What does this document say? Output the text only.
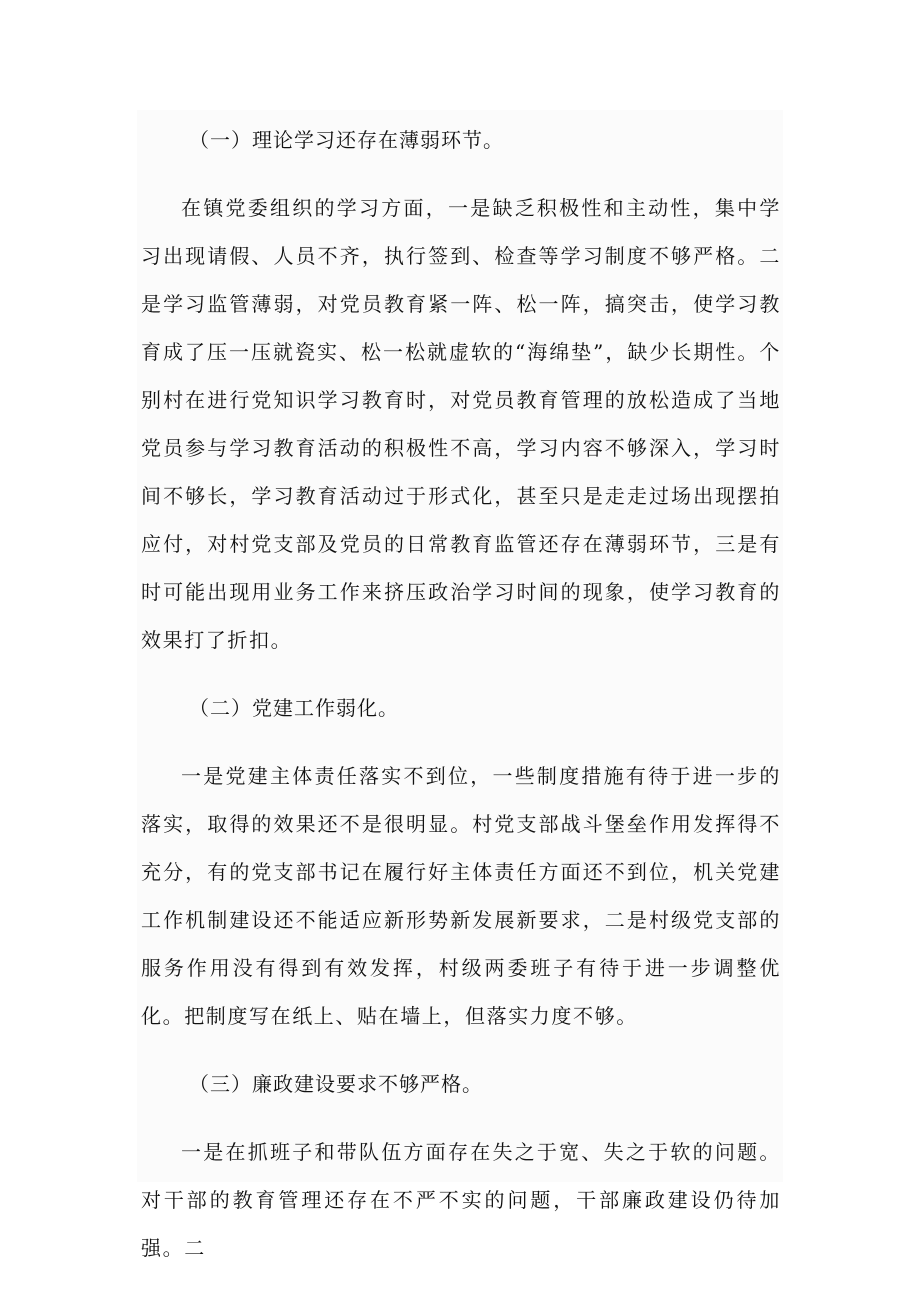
（一）理论学习还存在薄弱环节。

在镇党委组织的学习方面，一是缺乏积极性和主动性，集中学习出现请假、人员不齐，执行签到、检查等学习制度不够严格。二是学习监管薄弱，对党员教育紧一阵、松一阵，搞突击，使学习教育成了压一压就瓷实、松一松就虚软的“海绵垫”，缺少长期性。个别村在进行党知识学习教育时，对党员教育管理的放松造成了当地党员参与学习教育活动的积极性不高，学习内容不够深入，学习时间不够长，学习教育活动过于形式化，甚至只是走走过场出现摆拍应付，对村党支部及党员的日常教育监管还存在薄弱环节，三是有时可能出现用业务工作来挤压政治学习时间的现象，使学习教育的效果打了折扣。

（二）党建工作弱化。

一是党建主体责任落实不到位，一些制度措施有待于进一步的落实，取得的效果还不是很明显。村党支部战斗堡垒作用发挥得不充分，有的党支部书记在履行好主体责任方面还不到位，机关党建工作机制建设还不能适应新形势新发展新要求，二是村级党支部的服务作用没有得到有效发挥，村级两委班子有待于进一步调整优化。把制度写在纸上、贴在墙上，但落实力度不够。

（三）廉政建设要求不够严格。

一是在抓班子和带队伍方面存在失之于宽、失之于软的问题。对干部的教育管理还存在不严不实的问题，干部廉政建设仍待加强。二
